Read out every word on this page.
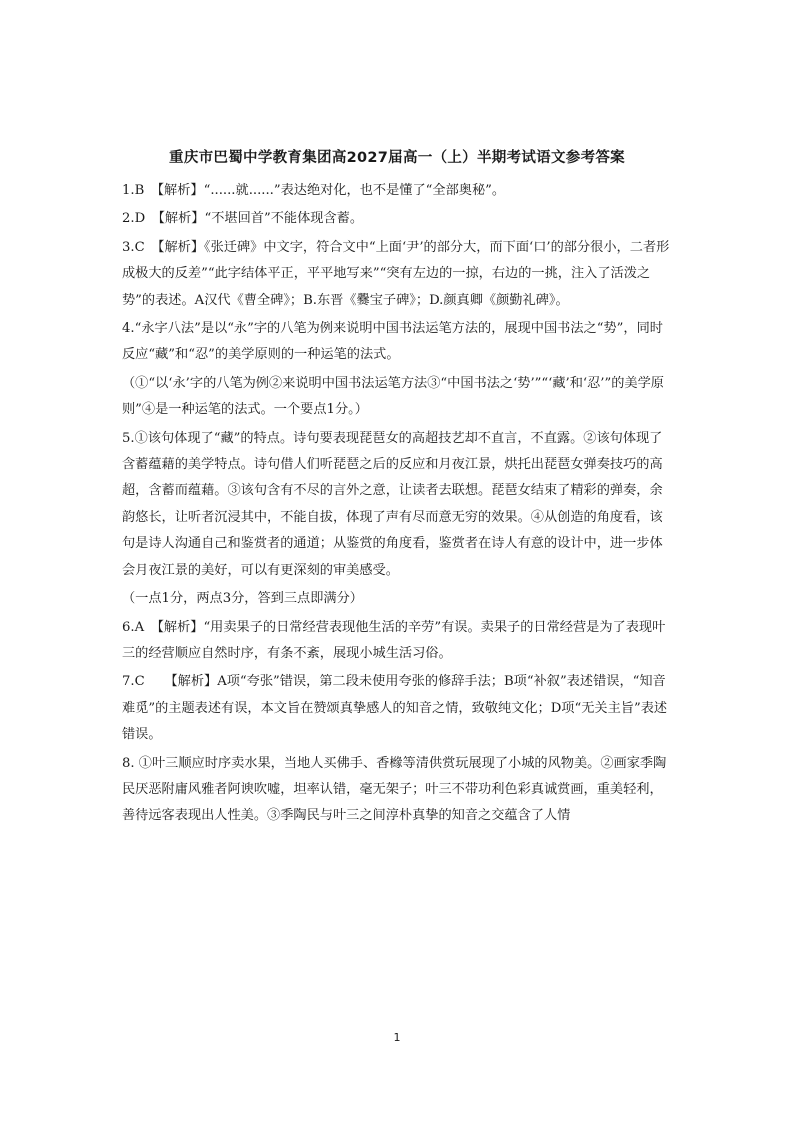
重庆市巴蜀中学教育集团高2027届高一（上）半期考试语文参考答案

1.B　【解析】“......就......”表达绝对化，也不是懂了“全部奥秘”。

2.D　【解析】“不堪回首”不能体现含蓄。

3.C　【解析】《张迁碑》中文字，符合文中“上面‘尹’的部分大，而下面‘口’的部分很小，二者形成极大的反差”“此字结体平正，平平地写来”“突有左边的一掠，右边的一挑，注入了活泼之势”的表述。A汉代《曹全碑》；B.东晋《爨宝子碑》；D.颜真卿《颜勤礼碑》。

4.“永字八法”是以“永”字的八笔为例来说明中国书法运笔方法的，展现中国书法之“势”，同时反应“藏”和“忍”的美学原则的一种运笔的法式。

（①“以‘永’字的八笔为例②来说明中国书法运笔方法③“中国书法之‘势’”“‘藏’和‘忍’”的美学原则”④是一种运笔的法式。一个要点1分。）

5.①该句体现了“藏”的特点。诗句要表现琵琶女的高超技艺却不直言，不直露。②该句体现了含蓄蕴藉的美学特点。诗句借人们听琵琶之后的反应和月夜江景，烘托出琵琶女弹奏技巧的高超，含蓄而蕴藉。③该句含有不尽的言外之意，让读者去联想。琵琶女结束了精彩的弹奏，余韵悠长，让听者沉浸其中，不能自拔，体现了声有尽而意无穷的效果。④从创造的角度看，该句是诗人沟通自己和鉴赏者的通道；从鉴赏的角度看，鉴赏者在诗人有意的设计中，进一步体会月夜江景的美好，可以有更深刻的审美感受。

（一点1分，两点3分，答到三点即满分）

6.A　【解析】“用卖果子的日常经营表现他生活的辛劳”有误。卖果子的日常经营是为了表现叶三的经营顺应自然时序，有条不紊，展现小城生活习俗。

7.C　　【解析】A项“夸张”错误，第二段未使用夸张的修辞手法；B项“补叙”表述错误，“知音难觅”的主题表述有误，本文旨在赞颂真挚感人的知音之情，致敬纯文化；D项“无关主旨”表述错误。

8. ①叶三顺应时序卖水果，当地人买佛手、香橼等清供赏玩展现了小城的风物美。②画家季陶民厌恶附庸风雅者阿谀吹嘘，坦率认错，毫无架子；叶三不带功利色彩真诚赏画，重美轻利，善待远客表现出人性美。③季陶民与叶三之间淳朴真挚的知音之交蕴含了人情

1
